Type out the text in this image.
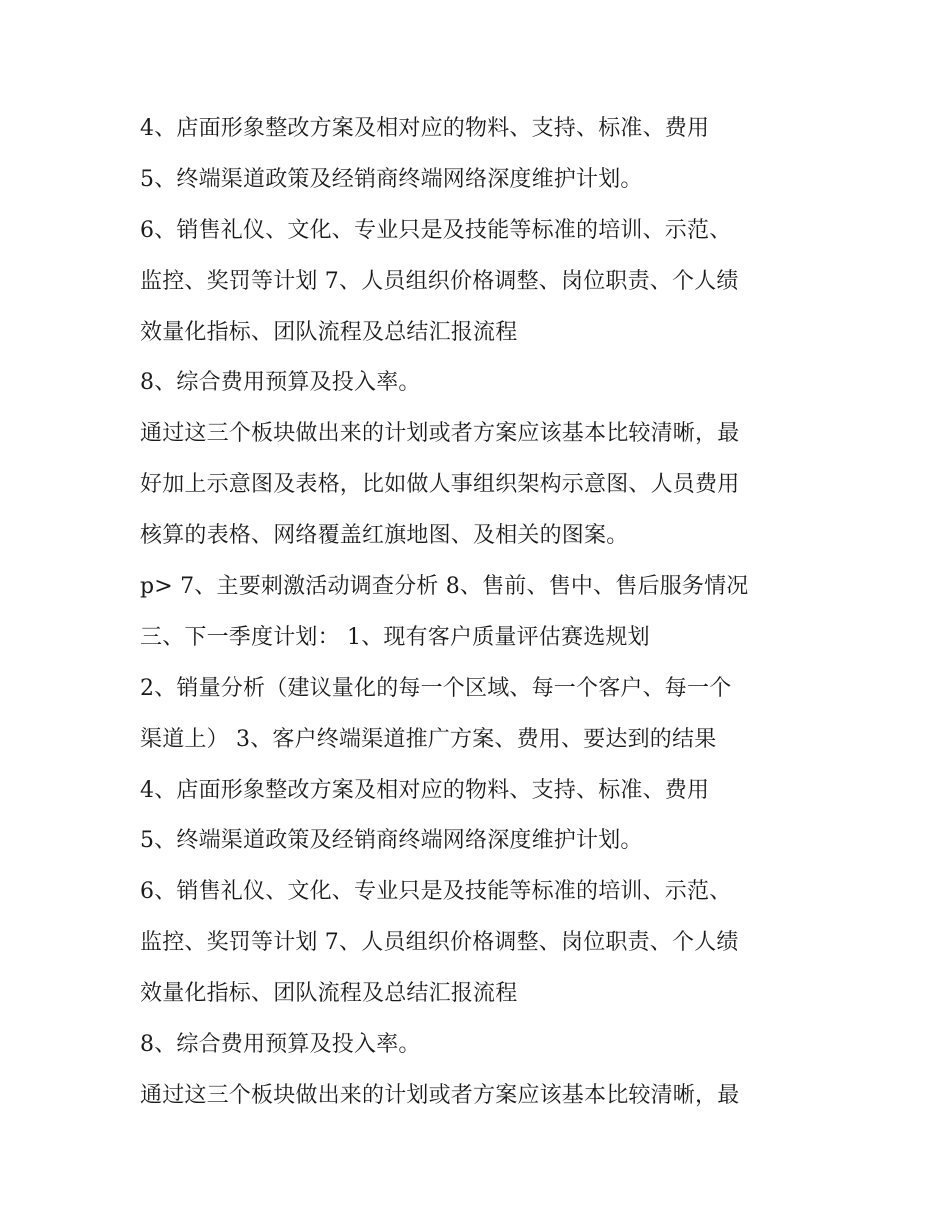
4、店面形象整改方案及相对应的物料、支持、标准、费用
5、终端渠道政策及经销商终端网络深度维护计划。
6、销售礼仪、文化、专业只是及技能等标准的培训、示范、
监控、奖罚等计划 7、人员组织价格调整、岗位职责、个人绩
效量化指标、团队流程及总结汇报流程
8、综合费用预算及投入率。
通过这三个板块做出来的计划或者方案应该基本比较清晰，最
好加上示意图及表格，比如做人事组织架构示意图、人员费用
核算的表格、网络覆盖红旗地图、及相关的图案。
p> 7、主要刺激活动调查分析 8、售前、售中、售后服务情况
三、下一季度计划： 1、现有客户质量评估赛选规划
2、销量分析（建议量化的每一个区域、每一个客户、每一个
渠道上） 3、客户终端渠道推广方案、费用、要达到的结果
4、店面形象整改方案及相对应的物料、支持、标准、费用
5、终端渠道政策及经销商终端网络深度维护计划。
6、销售礼仪、文化、专业只是及技能等标准的培训、示范、
监控、奖罚等计划 7、人员组织价格调整、岗位职责、个人绩
效量化指标、团队流程及总结汇报流程
8、综合费用预算及投入率。
通过这三个板块做出来的计划或者方案应该基本比较清晰，最
